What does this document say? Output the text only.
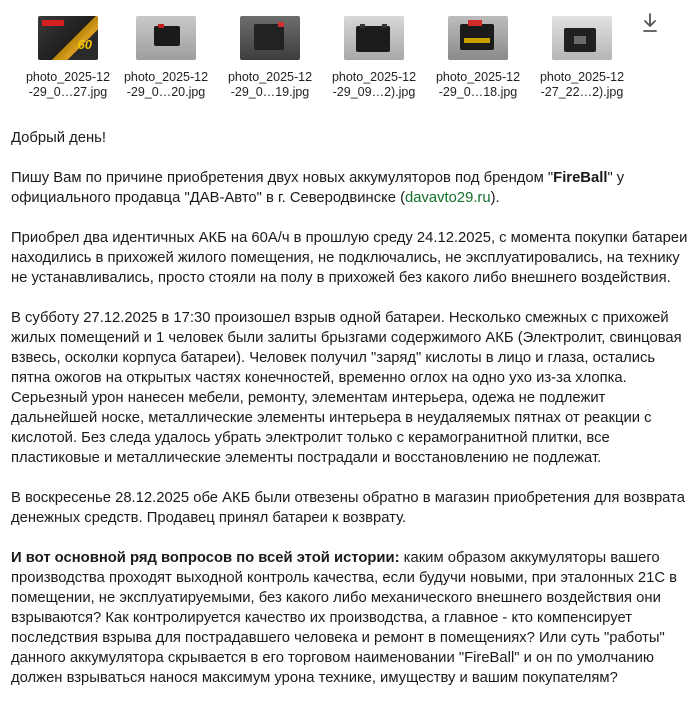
60
photo_2025-12
-29_0…27.jpg
photo_2025-12
-29_0…20.jpg
photo_2025-12
-29_0…19.jpg
photo_2025-12
-29_09…2).jpg
photo_2025-12
-29_0…18.jpg
photo_2025-12
-27_22…2).jpg

Добрый день!

Пишу Вам по причине приобретения двух новых аккумуляторов под брендом "FireBall" у официального продавца "ДАВ-Авто" в г. Северодвинске (davavto29.ru).

Приобрел два идентичных АКБ на 60А/ч в прошлую среду 24.12.2025, с момента покупки батареи находились в прихожей жилого помещения, не подключались, не эксплуатировались, на технику не устанавливались, просто стояли на полу в прихожей без какого либо внешнего воздействия.

В субботу 27.12.2025 в 17:30 произошел взрыв одной батареи. Несколько смежных с прихожей жилых помещений и 1 человек были залиты брызгами содержимого АКБ (Электролит, свинцовая взвесь, осколки корпуса батареи). Человек получил "заряд" кислоты в лицо и глаза, остались пятна ожогов на открытых частях конечностей, временно оглох на одно ухо из-за хлопка. Серьезный урон нанесен мебели, ремонту, элементам интерьера, одежа не подлежит дальнейшей носке, металлические элементы интерьера в неудаляемых пятнах от реакции с кислотой. Без следа удалось убрать электролит только с керамогранитной плитки, все пластиковые и металлические элементы пострадали и восстановлению не подлежат.

В воскресенье 28.12.2025 обе АКБ были отвезены обратно в магазин приобретения для возврата денежных средств. Продавец принял батареи к возврату.

И вот основной ряд вопросов по всей этой истории: каким образом аккумуляторы вашего производства проходят выходной контроль качества, если будучи новыми, при эталонных 21С в помещении, не эксплуатируемыми, без какого либо механического внешнего воздействия они взрываются? Как контролируется качество их производства, а главное - кто компенсирует последствия взрыва для пострадавшего человека и ремонт в помещениях? Или суть "работы" данного аккумулятора скрывается в его торговом наименовании "FireBall" и он по умолчанию должен взрываться нанося максимум урона технике, имуществу и вашим покупателям?
